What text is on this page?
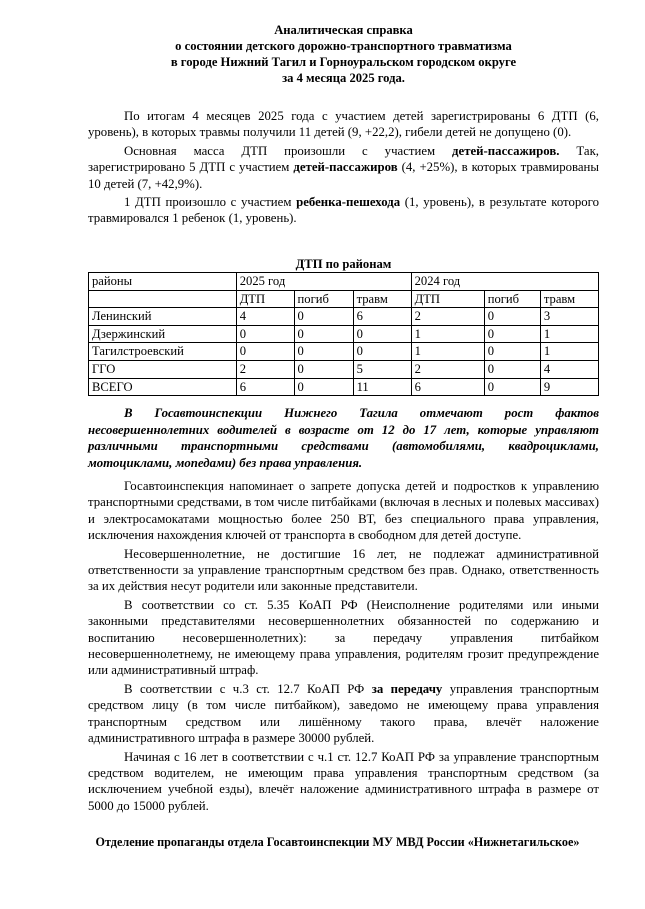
Аналитическая справка
о состоянии детского дорожно-транспортного травматизма
в городе Нижний Тагил и Горноуральском городском округе
за 4 месяца 2025 года.

По итогам 4 месяцев 2025 года с участием детей зарегистрированы 6 ДТП (6, уровень), в которых травмы получили 11 детей (9, +22,2), гибели детей не допущено (0).

Основная масса ДТП произошли с участием детей-пассажиров. Так, зарегистрировано 5 ДТП с участием детей-пассажиров (4, +25%), в которых травмированы 10 детей (7, +42,9%).

1 ДТП произошло с участием ребенка-пешехода (1, уровень), в результате которого травмировался 1 ребенок (1, уровень).

ДТП по районам
районы	2025 год			2024 год		
	ДТП	погиб	травм	ДТП	погиб	травм
Ленинский	4	0	6	2	0	3
Дзержинский	0	0	0	1	0	1
Тагилстроевский	0	0	0	1	0	1
ГГО	2	0	5	2	0	4
ВСЕГО	6	0	11	6	0	9

В Госавтоинспекции Нижнего Тагила отмечают рост фактов несовершеннолетних водителей в возрасте от 12 до 17 лет, которые управляют различными транспортными средствами (автомобилями, квадроциклами, мотоциклами, мопедами) без права управления.

Госавтоинспекция напоминает о запрете допуска детей и подростков к управлению транспортными средствами, в том числе питбайками (включая в лесных и полевых массивах) и электросамокатами мощностью более 250 ВТ, без специального права управления, исключения нахождения ключей от транспорта в свободном для детей доступе.

Несовершеннолетние, не достигшие 16 лет, не подлежат административной ответственности за управление транспортным средством без прав. Однако, ответственность за их действия несут родители или законные представители.

В соответствии со ст. 5.35 КоАП РФ (Неисполнение родителями или иными законными представителями несовершеннолетних обязанностей по содержанию и воспитанию несовершеннолетних): за передачу управления питбайком несовершеннолетнему, не имеющему права управления, родителям грозит предупреждение или административный штраф.

В соответствии с ч.3 ст. 12.7 КоАП РФ за передачу управления транспортным средством лицу (в том числе питбайком), заведомо не имеющему права управления транспортным средством или лишённому такого права, влечёт наложение административного штрафа в размере 30000 рублей.

Начиная с 16 лет в соответствии с ч.1 ст. 12.7 КоАП РФ за управление транспортным средством водителем, не имеющим права управления транспортным средством (за исключением учебной езды), влечёт наложение административного штрафа в размере от 5000 до 15000 рублей.

Отделение пропаганды отдела Госавтоинспекции МУ МВД России «Нижнетагильское»
